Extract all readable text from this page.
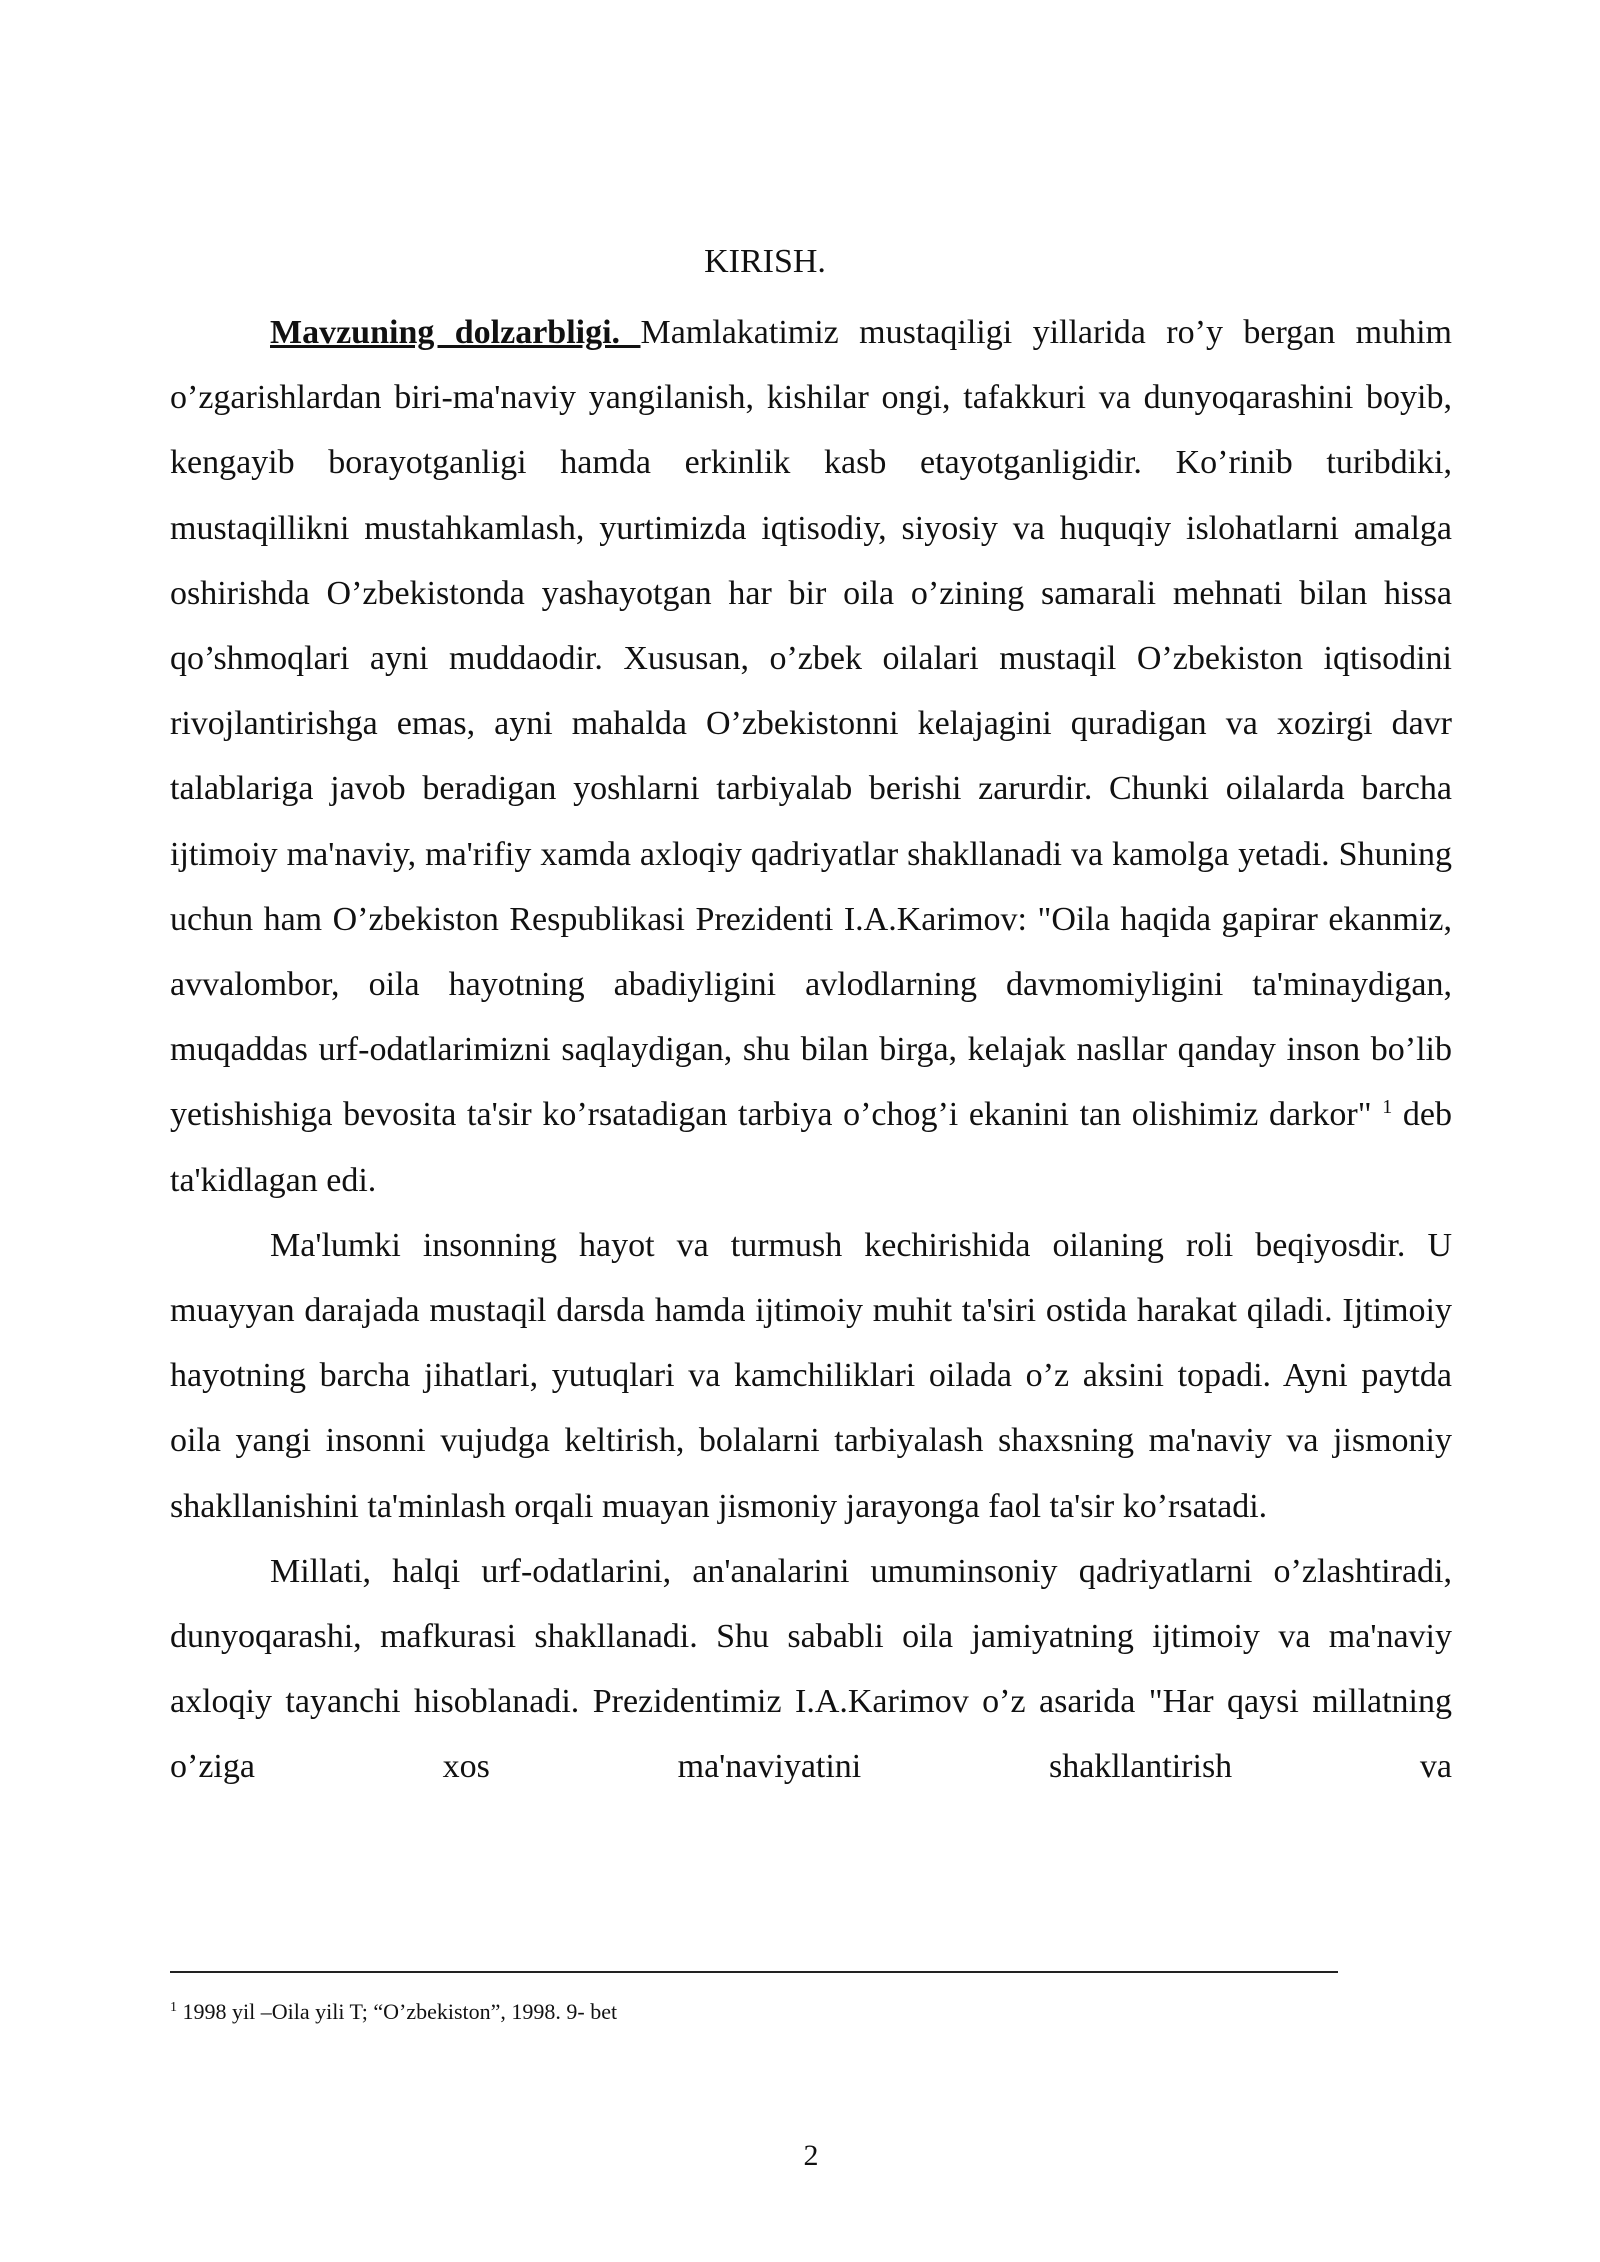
KIRISH.

Mavzuning dolzarbligi. Mamlakatimiz mustaqiligi yillarida ro’y bergan muhim o’zgarishlardan biri-ma'naviy yangilanish, kishilar ongi, tafakkuri va dunyoqarashini boyib, kengayib borayotganligi hamda erkinlik kasb etayotganligidir. Ko’rinib turibdiki, mustaqillikni mustahkamlash, yurtimizda iqtisodiy, siyosiy va huquqiy islohatlarni amalga oshirishda O’zbekistonda yashayotgan har bir oila o’zining samarali mehnati bilan hissa qo’shmoqlari ayni muddaodir. Xususan, o’zbek oilalari mustaqil O’zbekiston iqtisodini rivojlantirishga emas, ayni mahalda O’zbekistonni kelajagini quradigan va xozirgi davr talablariga javob beradigan yoshlarni tarbiyalab berishi zarurdir. Chunki oilalarda barcha ijtimoiy ma'naviy, ma'rifiy xamda axloqiy qadriyatlar shakllanadi va kamolga yetadi. Shuning uchun ham O’zbekiston Respublikasi Prezidenti I.A.Karimov: "Oila haqida gapirar ekanmiz, avvalombor, oila hayotning abadiyligini avlodlarning davmomiyligini ta'minaydigan, muqaddas urf-odatlarimizni saqlaydigan, shu bilan birga, kelajak nasllar qanday inson bo’lib yetishishiga bevosita ta'sir ko’rsatadigan tarbiya o’chog’i ekanini tan olishimiz darkor" $^1$ deb ta'kidlagan edi.

Ma'lumki insonning hayot va turmush kechirishida oilaning roli beqiyosdir. U muayyan darajada mustaqil darsda hamda ijtimoiy muhit ta'siri ostida harakat qiladi. Ijtimoiy hayotning barcha jihatlari, yutuqlari va kamchiliklari oilada o’z aksini topadi. Ayni paytda oila yangi insonni vujudga keltirish, bolalarni tarbiyalash shaxsning ma'naviy va jismoniy shakllanishini ta'minlash orqali muayan jismoniy jarayonga faol ta'sir ko’rsatadi.

Millati, halqi urf-odatlarini, an'analarini umuminsoniy qadriyatlarni o’zlashtiradi, dunyoqarashi, mafkurasi shakllanadi. Shu sababli oila jamiyatning ijtimoiy va ma'naviy axloqiy tayanchi hisoblanadi. Prezidentimiz I.A.Karimov o’z asarida "Har qaysi millatning o’ziga xos ma'naviyatini shakllantirish va

$^1$ 1998 yil –Oila yili T; “O’zbekiston”, 1998. 9- bet
2
